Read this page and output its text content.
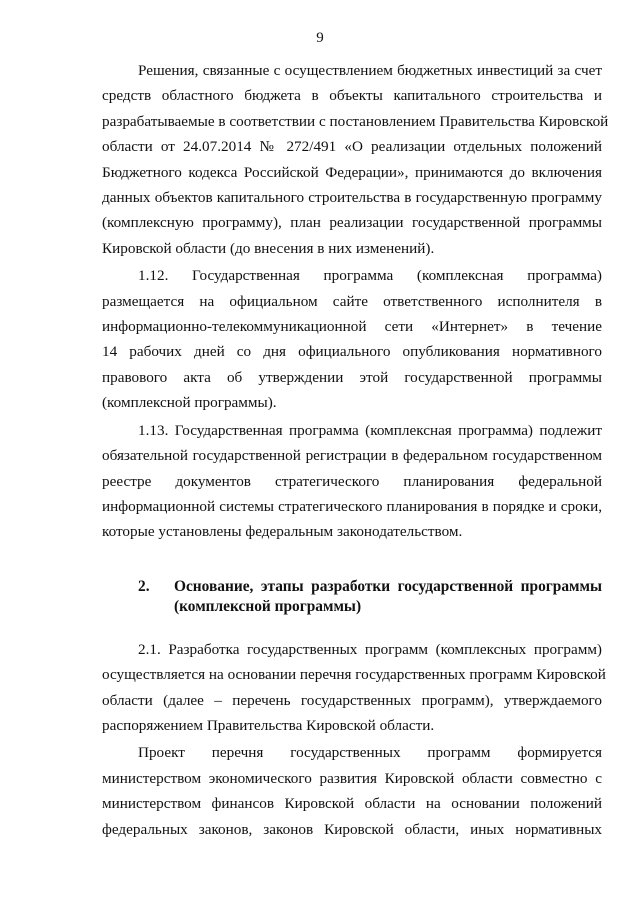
9

Решения, связанные с осуществлением бюджетных инвестиций за счет
средств областного бюджета в объекты капитального строительства и
разрабатываемые в соответствии с постановлением Правительства Кировской
области от 24.07.2014 № 272/491 «О реализации отдельных положений
Бюджетного кодекса Российской Федерации», принимаются до включения
данных объектов капитального строительства в государственную программу
(комплексную программу), план реализации государственной программы
Кировской области (до внесения в них изменений).

1.12.     Государственная     программа     (комплексная     программа)
размещается на официальном сайте ответственного исполнителя в
информационно-телекоммуникационной сети «Интернет» в течение
14 рабочих дней со дня официального опубликования нормативного
правового акта об утверждении этой государственной программы
(комплексной программы).

1.13. Государственная программа (комплексная программа) подлежит
обязательной государственной регистрации в федеральном государственном
реестре документов стратегического планирования федеральной
информационной системы стратегического планирования в порядке и сроки,
которые установлены федеральным законодательством.

2.	Основание, этапы разработки государственной программы
(комплексной программы)

2.1. Разработка государственных программ (комплексных программ)
осуществляется на основании перечня государственных программ Кировской
области (далее – перечень государственных программ), утверждаемого
распоряжением Правительства Кировской области.

Проект перечня государственных программ формируется
министерством экономического развития Кировской области совместно с
министерством финансов Кировской области на основании положений
федеральных законов, законов Кировской области, иных нормативных
